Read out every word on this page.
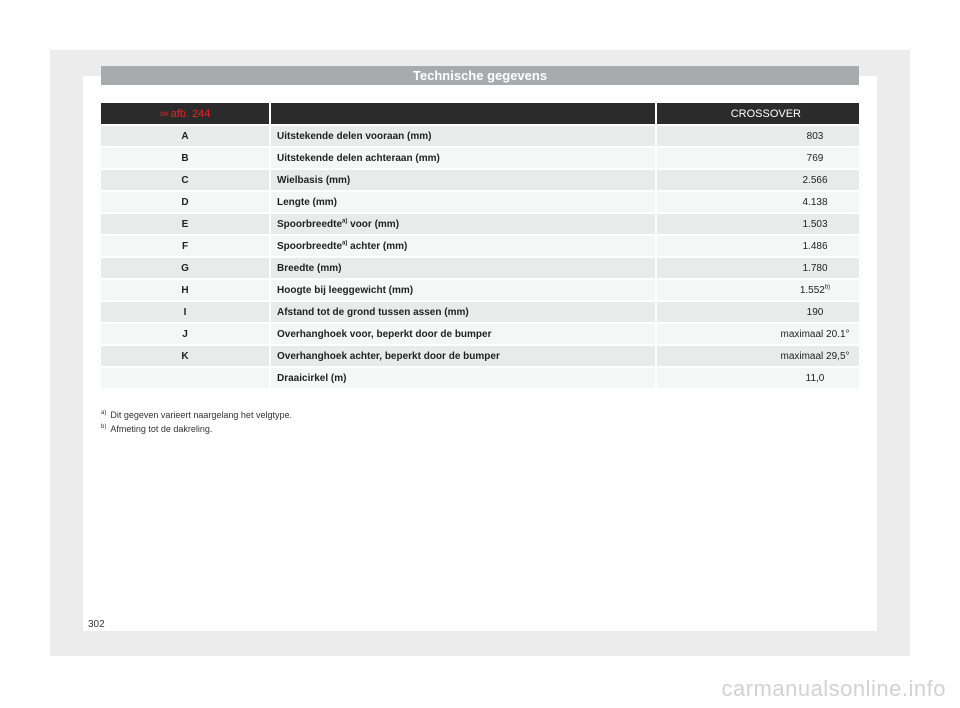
Technische gegevens
››› afb. 244		CROSSOVER
A	Uitstekende delen vooraan (mm)	803
B	Uitstekende delen achteraan (mm)	769
C	Wielbasis (mm)	2.566
D	Lengte (mm)	4.138
E	Spoorbreedte$^{a)}$ voor (mm)	1.503
F	Spoorbreedte$^{a)}$ achter (mm)	1.486
G	Breedte (mm)	1.780
H	Hoogte bij leeggewicht (mm)	1.552$^{b)}$
I	Afstand tot de grond tussen assen (mm)	190
J	Overhanghoek voor, beperkt door de bumper	maximaal 20.1°
K	Overhanghoek achter, beperkt door de bumper	maximaal 29,5°
	Draaicirkel (m)	11,0
$^{a)}$ Dit gegeven varieert naargelang het velgtype.
$^{b)}$ Afmeting tot de dakreling.
302
carmanualsonline.info
